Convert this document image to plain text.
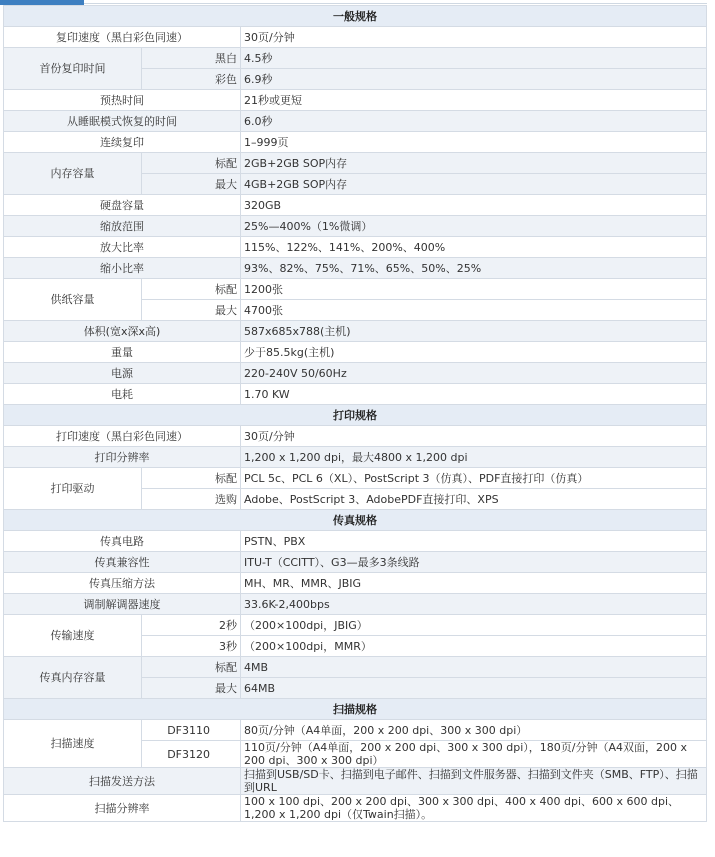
一般规格		
复印速度（黑白彩色同速）		30页/分钟
首份复印时间	黑白	4.5秒
	彩色	6.9秒
预热时间		21秒或更短
从睡眠模式恢复的时间		6.0秒
连续复印		1–999页
内存容量	标配	2GB+2GB SOP内存
	最大	4GB+2GB SOP内存
硬盘容量		320GB
缩放范围		25%—400%（1%微调）
放大比率		115%、122%、141%、200%、400%
缩小比率		93%、82%、75%、71%、65%、50%、25%
供纸容量	标配	1200张
	最大	4700张
体积(宽x深x高)		587x685x788(主机)
重量		少于85.5kg(主机)
电源		220-240V 50/60Hz
电耗		1.70 KW
打印规格		
打印速度（黑白彩色同速）		30页/分钟
打印分辨率		1,200 x 1,200 dpi，最大4800 x 1,200 dpi
打印驱动	标配	PCL 5c、PCL 6（XL）、PostScript 3（仿真）、PDF直接打印（仿真）
	选购	Adobe、PostScript 3、AdobePDF直接打印、XPS
传真规格		
传真电路		PSTN、PBX
传真兼容性		ITU-T（CCITT）、G3—最多3条线路
传真压缩方法		MH、MR、MMR、JBIG
调制解调器速度		33.6K-2,400bps
传输速度	2秒	（200×100dpi，JBIG）
	3秒	（200×100dpi，MMR）
传真内存容量	标配	4MB
	最大	64MB
扫描规格		
扫描速度	DF3110	80页/分钟（A4单面，200 x 200 dpi、300 x 300 dpi）
	DF3120	110页/分钟（A4单面，200 x 200 dpi、300 x 300 dpi），180页/分钟（A4双面，200 x 200 dpi、300 x 300 dpi）
扫描发送方法		扫描到USB/SD卡、扫描到电子邮件、扫描到文件服务器、扫描到文件夹（SMB、FTP）、扫描到URL
扫描分辨率		100 x 100 dpi、200 x 200 dpi、300 x 300 dpi、400 x 400 dpi、600 x 600 dpi、1,200 x 1,200 dpi（仅Twain扫描）。
